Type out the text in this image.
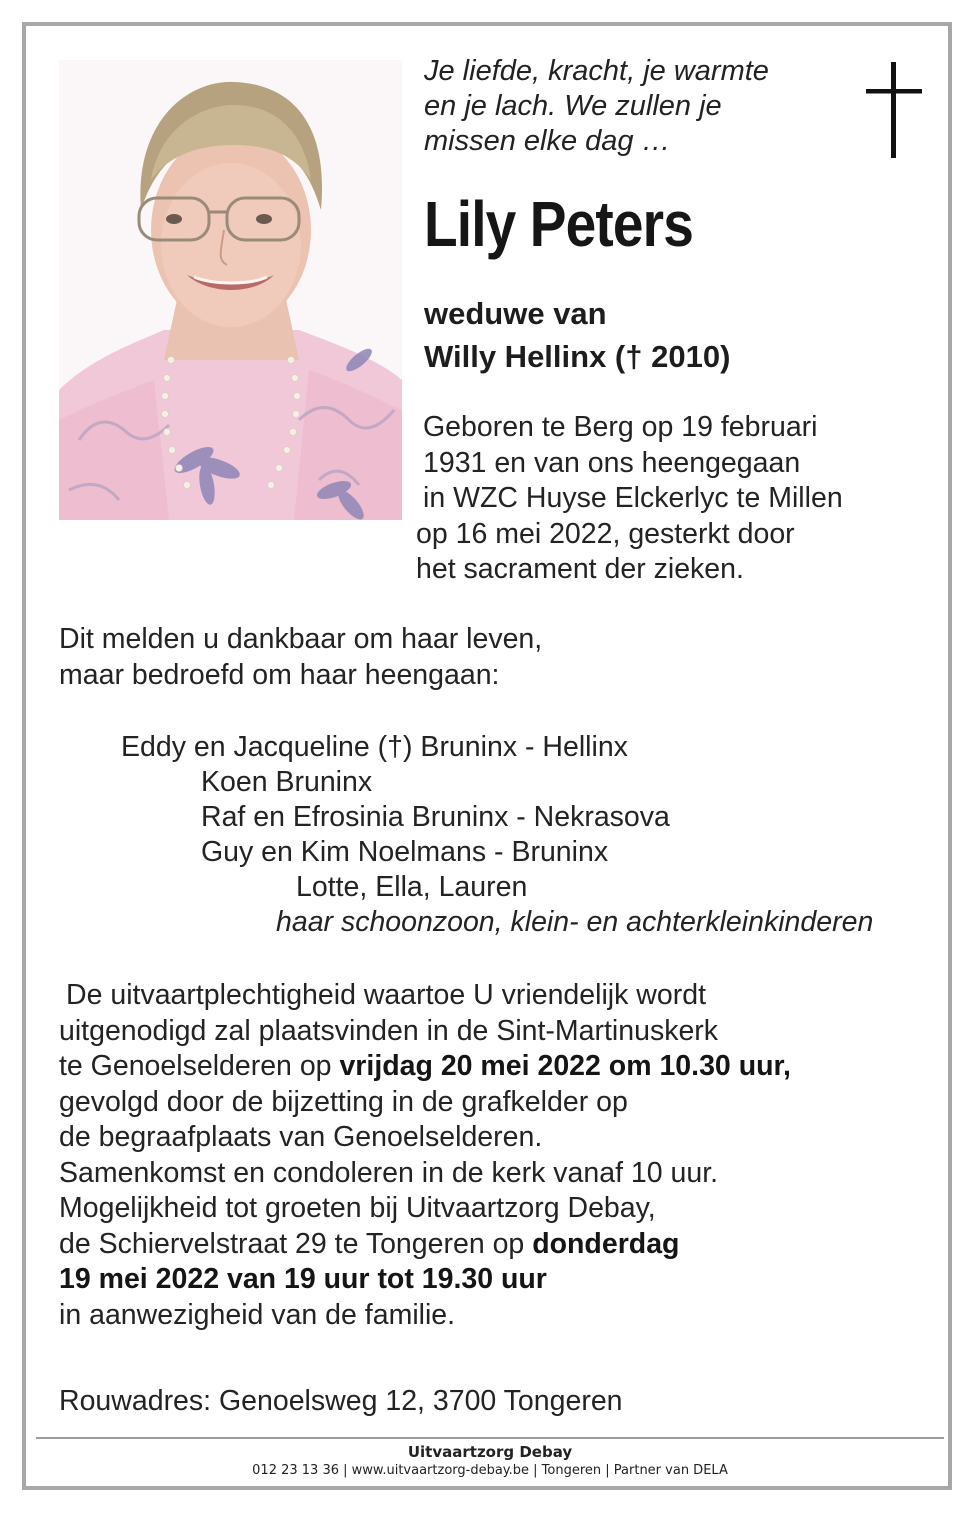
Je liefde, kracht, je warmte
en je lach. We zullen je
missen elke dag …
Lily Peters
weduwe van
Willy Hellinx († 2010)
Geboren te Berg op 19 februari
1931 en van ons heengegaan
in WZC Huyse Elckerlyc te Millen
op 16 mei 2022, gesterkt door
het sacrament der zieken.
Dit melden u dankbaar om haar leven,
maar bedroefd om haar heengaan:
Eddy en Jacqueline (†) Bruninx - Hellinx
Koen Bruninx
Raf en Efrosinia Bruninx - Nekrasova
Guy en Kim Noelmans - Bruninx
Lotte, Ella, Lauren
haar schoonzoon, klein- en achterkleinkinderen
De uitvaartplechtigheid waartoe U vriendelijk wordt
uitgenodigd zal plaatsvinden in de Sint-Martinuskerk
te Genoelselderen op vrijdag 20 mei 2022 om 10.30 uur,
gevolgd door de bijzetting in de grafkelder op
de begraafplaats van Genoelselderen.
Samenkomst en condoleren in de kerk vanaf 10 uur.
Mogelijkheid tot groeten bij Uitvaartzorg Debay,
de Schiervelstraat 29 te Tongeren op donderdag
19 mei 2022 van 19 uur tot 19.30 uur
in aanwezigheid van de familie.
Rouwadres: Genoelsweg 12, 3700 Tongeren
Uitvaartzorg Debay
012 23 13 36 | www.uitvaartzorg-debay.be | Tongeren | Partner van DELA
